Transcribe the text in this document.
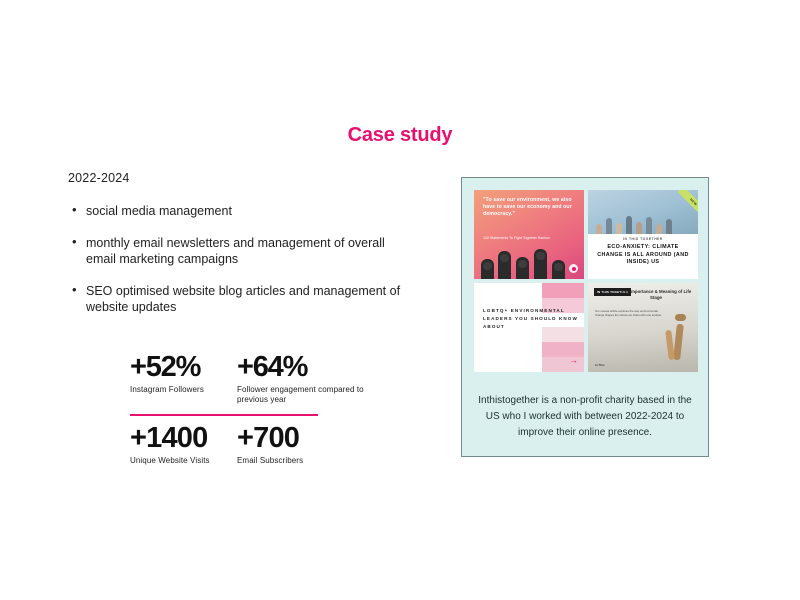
Case study
2022-2024
• social media management
• monthly email newsletters and management of overall email marketing campaigns
• SEO optimised website blog articles and management of website updates
+52%
Instagram Followers
+64%
Follower engagement compared to previous year
+1400
Unique Website Visits
+700
Email Subscribers
"To save our environment, we also have to save our economy and our democracy."
100 Statements To Fight Together Racism
NEW
IN THIS TOGETHER
ECO-ANXIETY: CLIMATE CHANGE IS ALL AROUND (AND INSIDE) US
LGBTQ+ ENVIRONMENTAL LEADERS YOU SHOULD KNOW ABOUT
→
IN THIS TOGETHER
The Importance & Meaning of Life Stage
Our newest article explores the way environmental change shapes the stories we share with one another.
In This
Inthistogether is a non-profit charity based in the US who I worked with between 2022-2024 to improve their online presence.
